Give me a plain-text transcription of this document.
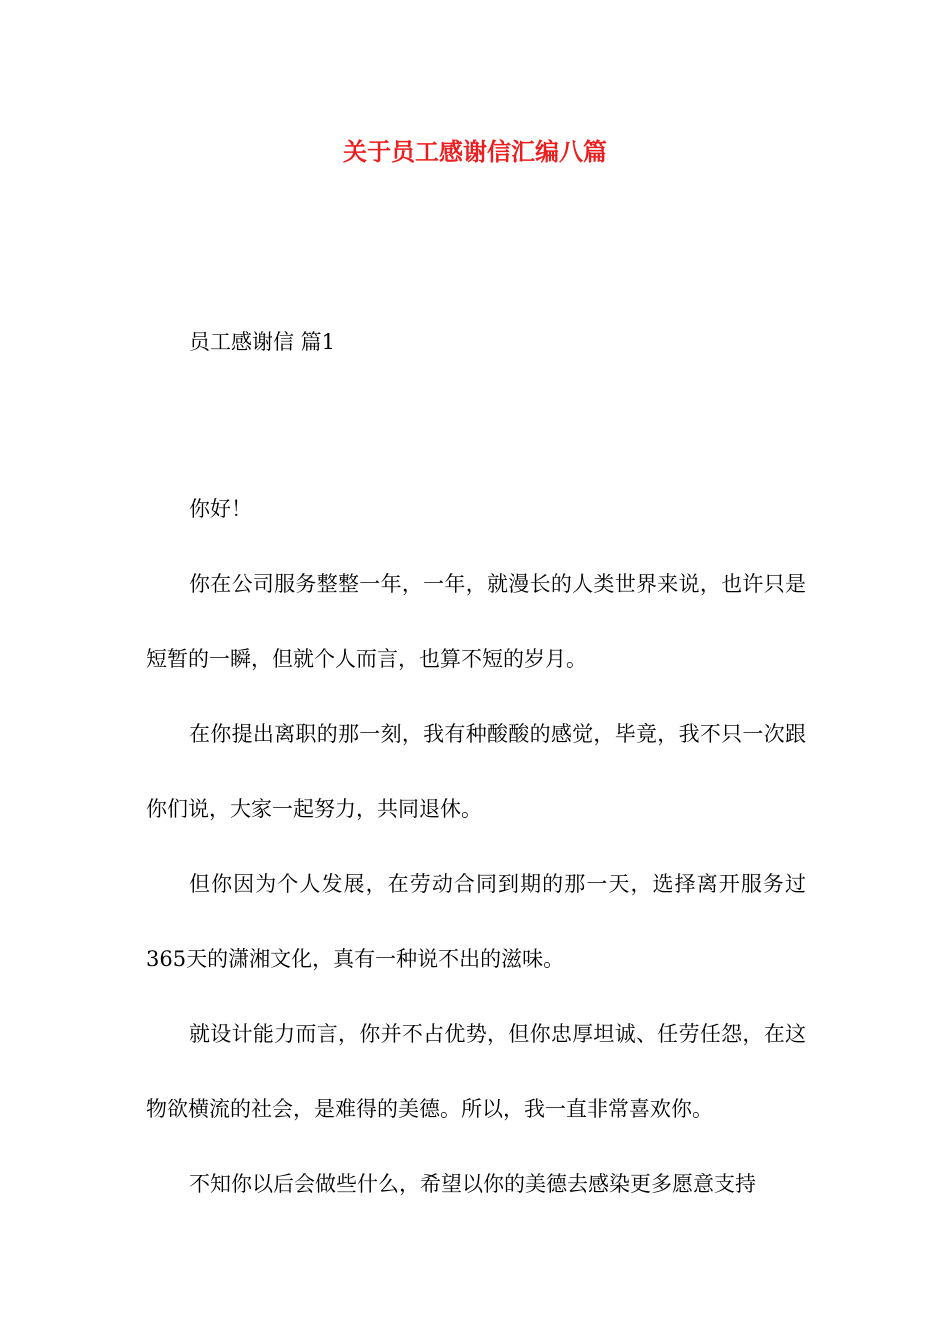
关于员工感谢信汇编八篇
员工感谢信 篇1

你好！

你在公司服务整整一年，一年，就漫长的人类世界来说，也许只是短暂的一瞬，但就个人而言，也算不短的岁月。

在你提出离职的那一刻，我有种酸酸的感觉，毕竟，我不只一次跟你们说，大家一起努力，共同退休。

但你因为个人发展，在劳动合同到期的那一天，选择离开服务过365天的潇湘文化，真有一种说不出的滋味。

就设计能力而言，你并不占优势，但你忠厚坦诚、任劳任怨，在这物欲横流的社会，是难得的美德。所以，我一直非常喜欢你。

不知你以后会做些什么，希望以你的美德去感染更多愿意支持
